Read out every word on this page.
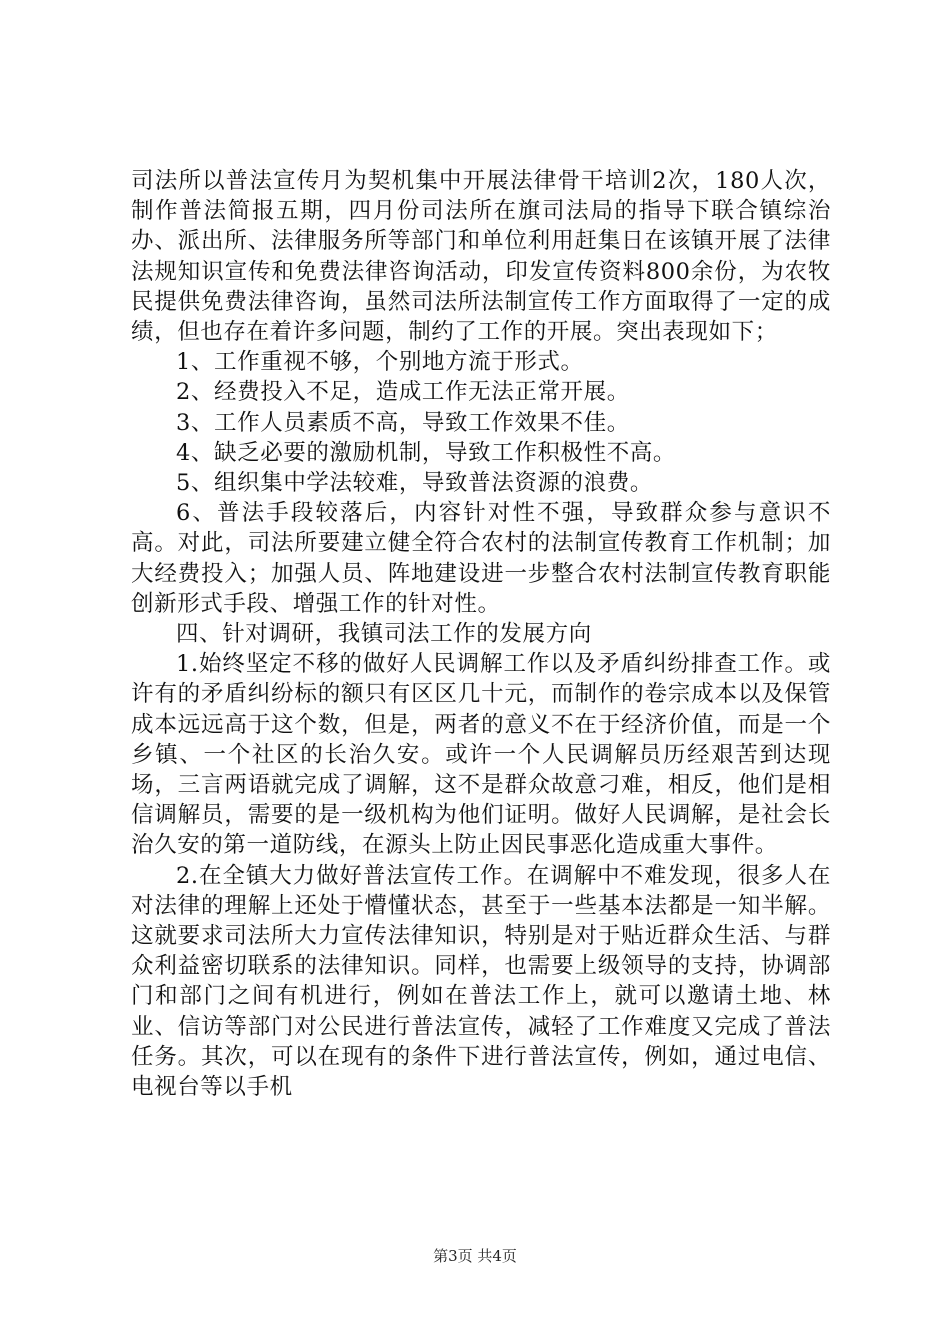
司法所以普法宣传月为契机集中开展法律骨干培训2次，180人次，制作普法简报五期，四月份司法所在旗司法局的指导下联合镇综治办、派出所、法律服务所等部门和单位利用赶集日在该镇开展了法律法规知识宣传和免费法律咨询活动，印发宣传资料800余份，为农牧民提供免费法律咨询，虽然司法所法制宣传工作方面取得了一定的成绩，但也存在着许多问题，制约了工作的开展。突出表现如下；

1、工作重视不够，个别地方流于形式。

2、经费投入不足，造成工作无法正常开展。

3、工作人员素质不高，导致工作效果不佳。

4、缺乏必要的激励机制，导致工作积极性不高。

5、组织集中学法较难，导致普法资源的浪费。

6、普法手段较落后，内容针对性不强，导致群众参与意识不高。对此，司法所要建立健全符合农村的法制宣传教育工作机制；加大经费投入；加强人员、阵地建设进一步整合农村法制宣传教育职能创新形式手段、增强工作的针对性。

四、针对调研，我镇司法工作的发展方向

1.始终坚定不移的做好人民调解工作以及矛盾纠纷排查工作。或许有的矛盾纠纷标的额只有区区几十元，而制作的卷宗成本以及保管成本远远高于这个数，但是，两者的意义不在于经济价值，而是一个乡镇、一个社区的长治久安。或许一个人民调解员历经艰苦到达现场，三言两语就完成了调解，这不是群众故意刁难，相反，他们是相信调解员，需要的是一级机构为他们证明。做好人民调解，是社会长治久安的第一道防线，在源头上防止因民事恶化造成重大事件。

2.在全镇大力做好普法宣传工作。在调解中不难发现，很多人在对法律的理解上还处于懵懂状态，甚至于一些基本法都是一知半解。这就要求司法所大力宣传法律知识，特别是对于贴近群众生活、与群众利益密切联系的法律知识。同样，也需要上级领导的支持，协调部门和部门之间有机进行，例如在普法工作上，就可以邀请土地、林业、信访等部门对公民进行普法宣传，减轻了工作难度又完成了普法任务。其次，可以在现有的条件下进行普法宣传，例如，通过电信、电视台等以手机

第3页 共4页
